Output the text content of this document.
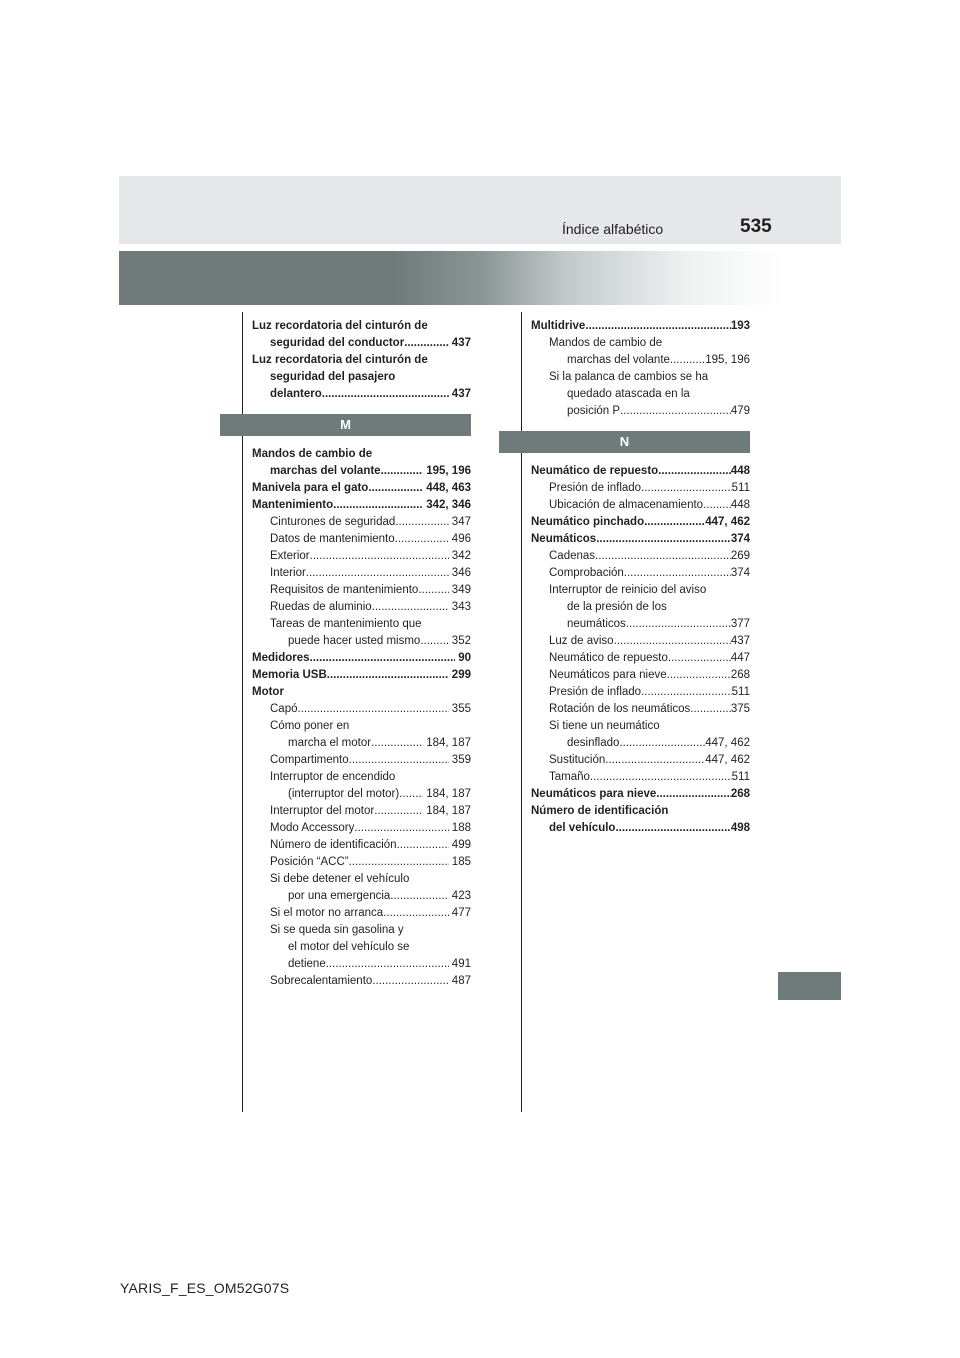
Índice alfabético	535
Luz recordatoria del cinturón de
seguridad del conductor .....	437
Luz recordatoria del cinturón de
seguridad del pasajero
delantero .....	437
M
Mandos de cambio de
marchas del volante .....	195, 196
Manivela para el gato .....	448, 463
Mantenimiento .....	342, 346
Cinturones de seguridad .....	347
Datos de mantenimiento .....	496
Exterior .....	342
Interior .....	346
Requisitos de mantenimiento .....	349
Ruedas de aluminio .....	343
Tareas de mantenimiento que
puede hacer usted mismo ..... 352
Medidores .....	90
Memoria USB .....	299
Motor
Capó .....	355
Cómo poner en
marcha el motor .....	184, 187
Compartimento .....	359
Interruptor de encendido
(interruptor del motor) ..... 184, 187
Interruptor del motor .....	184, 187
Modo Accessory .....	188
Número de identificación .....	499
Posición “ACC” .....	185
Si debe detener el vehículo
por una emergencia .....	423
Si el motor no arranca .....	477
Si se queda sin gasolina y
el motor del vehículo se
detiene .....	491
Sobrecalentamiento .....	487
Multidrive .....	193
Mandos de cambio de
marchas del volante .....	195, 196
Si la palanca de cambios se ha
quedado atascada en la
posición P .....	479
N
Neumático de repuesto .....	448
Presión de inflado .....	511
Ubicación de almacenamiento ..... 448
Neumático pinchado .....	447, 462
Neumáticos .....	374
Cadenas .....	269
Comprobación .....	374
Interruptor de reinicio del aviso
de la presión de los
neumáticos .....	377
Luz de aviso .....	437
Neumático de repuesto .....	447
Neumáticos para nieve .....	268
Presión de inflado .....	511
Rotación de los neumáticos .....	375
Si tiene un neumático
desinflado .....	447, 462
Sustitución .....	447, 462
Tamaño .....	511
Neumáticos para nieve .....	268
Número de identificación
del vehículo .....	498
YARIS_F_ES_OM52G07S
